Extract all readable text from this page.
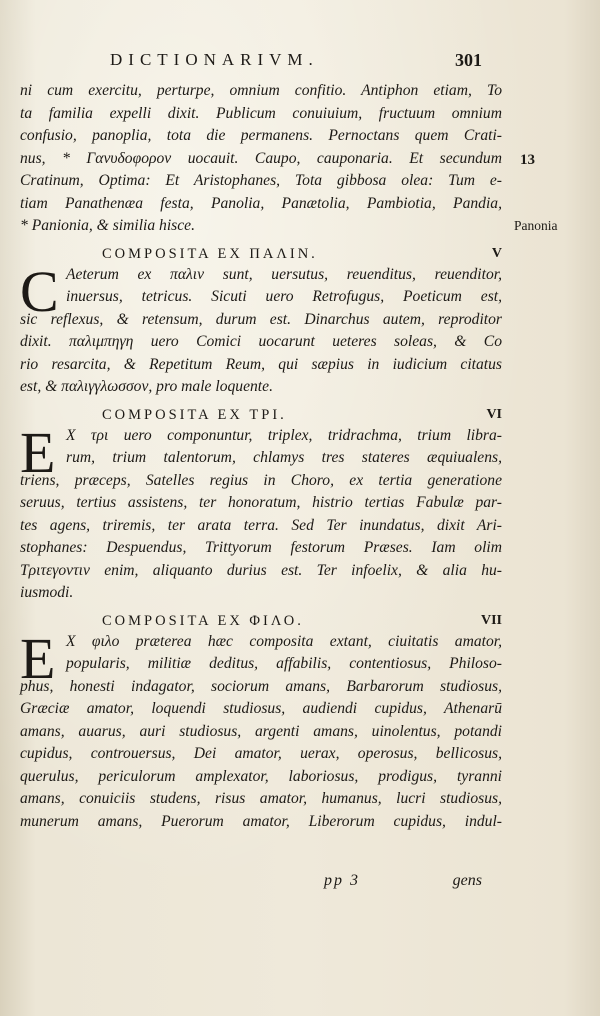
DICTIONARIVM.	301
13
Panonia
ni cum exercitu, perturpe, omnium confitio. Antiphon etiam, To
ta familia expelli dixit. Publicum conuiuium, fructuum omnium
confusio, panoplia, tota die permanens. Pernoctans quem Crati-
nus, * Γανυδοφορον uocauit. Caupo, cauponaria. Et secundum
Cratinum, Optima: Et Aristophanes, Tota gibbosa olea: Tum e-
tiam Panathenæa festa, Panolia, Panætolia, Pambiotia, Pandia,
* Panionia, & similia hisce.
COMPOSITA EX ΠΑΛΙΝ.	V
C Aeterum ex παλιν sunt, uersutus, reuenditus, reuenditor,
inuersus, tetricus. Sicuti uero Retrofugus, Poeticum est,
sic reflexus, & retensum, durum est. Dinarchus autem, reproditor
dixit. παλιμπηγη uero Comici uocarunt ueteres soleas, & Co
rio resarcita, & Repetitum Reum, qui sæpius in iudicium citatus
est, & παλιγγλωσσον, pro male loquente.
COMPOSITA EX ΤΡΙ.	VI
E X τρι uero componuntur, triplex, tridrachma, trium libra-
rum, trium talentorum, chlamys tres stateres æquiualens,
triens, præceps, Satelles regius in Choro, ex tertia generatione
seruus, tertius assistens, ter honoratum, histrio tertias Fabulæ par-
tes agens, triremis, ter arata terra. Sed Ter inundatus, dixit Ari-
stophanes: Despuendus, Trittyorum festorum Præses. Iam olim
Τριτεγοντιν enim, aliquanto durius est. Ter infoelix, & alia hu-
iusmodi.
COMPOSITA EX ΦΙΛΟ.	VII
E X φιλο præterea hæc composita extant, ciuitatis amator,
popularis, militiæ deditus, affabilis, contentiosus, Philoso-
phus, honesti indagator, sociorum amans, Barbarorum studiosus,
Græciæ amator, loquendi studiosus, audiendi cupidus, Athenarū
amans, auarus, auri studiosus, argenti amans, uinolentus, potandi
cupidus, controuersus, Dei amator, uerax, operosus, bellicosus,
querulus, periculorum amplexator, laboriosus, prodigus, tyranni
amans, conuiciis studens, risus amator, humanus, lucri studiosus,
munerum amans, Puerorum amator, Liberorum cupidus, indul-
pp 3	gens
